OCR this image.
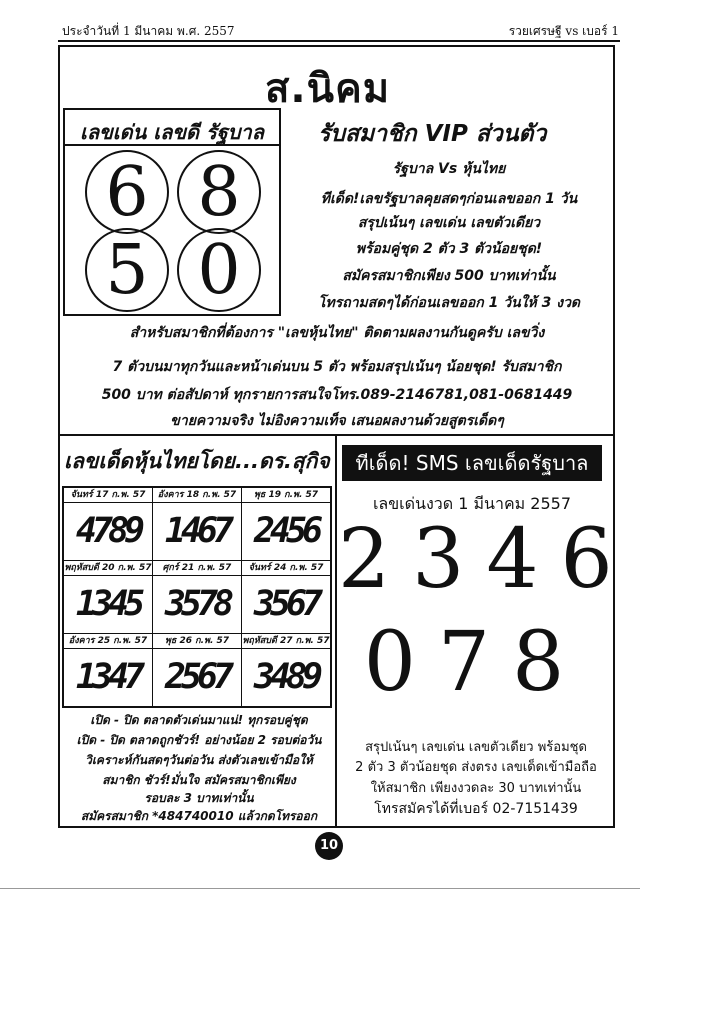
ประจำวันที่ 1 มีนาคม พ.ศ. 2557	รวยเศรษฐี vs เบอร์ 1
ส.นิคม
เลขเด่น เลขดี รัฐบาล
6 8
5 0
รับสมาชิก VIP ส่วนตัว
รัฐบาล Vs หุ้นไทย
ทีเด็ด!เลขรัฐบาลคุยสดๆก่อนเลขออก 1 วัน
สรุปเน้นๆ เลขเด่น เลขตัวเดียว
พร้อมคู่ชุด 2 ตัว 3 ตัวน้อยชุด!
สมัครสมาชิกเพียง 500 บาทเท่านั้น
โทรถามสดๆได้ก่อนเลขออก 1 วันให้ 3 งวด
สำหรับสมาชิกที่ต้องการ "เลขหุ้นไทย" ติดตามผลงานกันดูครับ เลขวิ่ง
7 ตัวบนมาทุกวันและหน้าเด่นบน 5 ตัว พร้อมสรุปเน้นๆ น้อยชุด! รับสมาชิก
500 บาท ต่อสัปดาห์ ทุกรายการสนใจโทร.089-2146781,081-0681449
ขายความจริง ไม่อิงความเท็จ เสนอผลงานด้วยสูตรเด็ดๆ
เลขเด็ดหุ้นไทยโดย...ดร.สุกิจ
จันทร์ 17 ก.พ. 57
4789
อังคาร 18 ก.พ. 57
1467
พุธ 19 ก.พ. 57
2456
พฤหัสบดี 20 ก.พ. 57
1345
ศุกร์ 21 ก.พ. 57
3578
จันทร์ 24 ก.พ. 57
3567
อังคาร 25 ก.พ. 57
1347
พุธ 26 ก.พ. 57
2567
พฤหัสบดี 27 ก.พ. 57
3489
เปิด - ปิด ตลาดตัวเด่นมาแน่! ทุกรอบคู่ชุด
เปิด - ปิด ตลาดถูกชัวร์! อย่างน้อย 2 รอบต่อวัน
วิเคราะห์กันสดๆวันต่อวัน ส่งตัวเลขเข้ามือให้
สมาชิก ชัวร์!มั่นใจ สมัครสมาชิกเพียง
รอบละ 3 บาทเท่านั้น
สมัครสมาชิก *484740010 แล้วกดโทรออก
ทีเด็ด! SMS เลขเด็ดรัฐบาล
เลขเด่นงวด 1 มีนาคม 2557
2346
078
สรุปเน้นๆ เลขเด่น เลขตัวเดียว พร้อมชุด
2 ตัว 3 ตัวน้อยชุด ส่งตรง เลขเด็ดเข้ามือถือ
ให้สมาชิก เพียงงวดละ 30 บาทเท่านั้น
โทรสมัครได้ที่เบอร์ 02-7151439
10
